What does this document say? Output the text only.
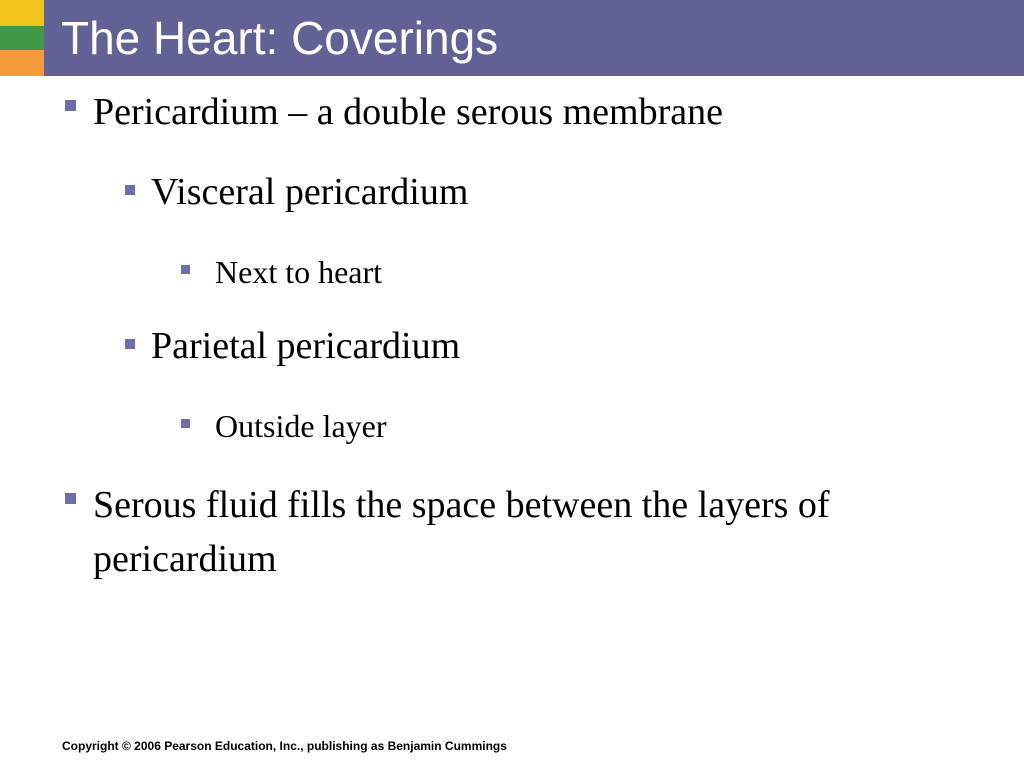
The Heart: Coverings
Pericardium – a double serous membrane
Visceral pericardium
Next to heart
Parietal pericardium
Outside layer
Serous fluid fills the space between the layers of pericardium
Copyright © 2006 Pearson Education, Inc., publishing as Benjamin Cummings
